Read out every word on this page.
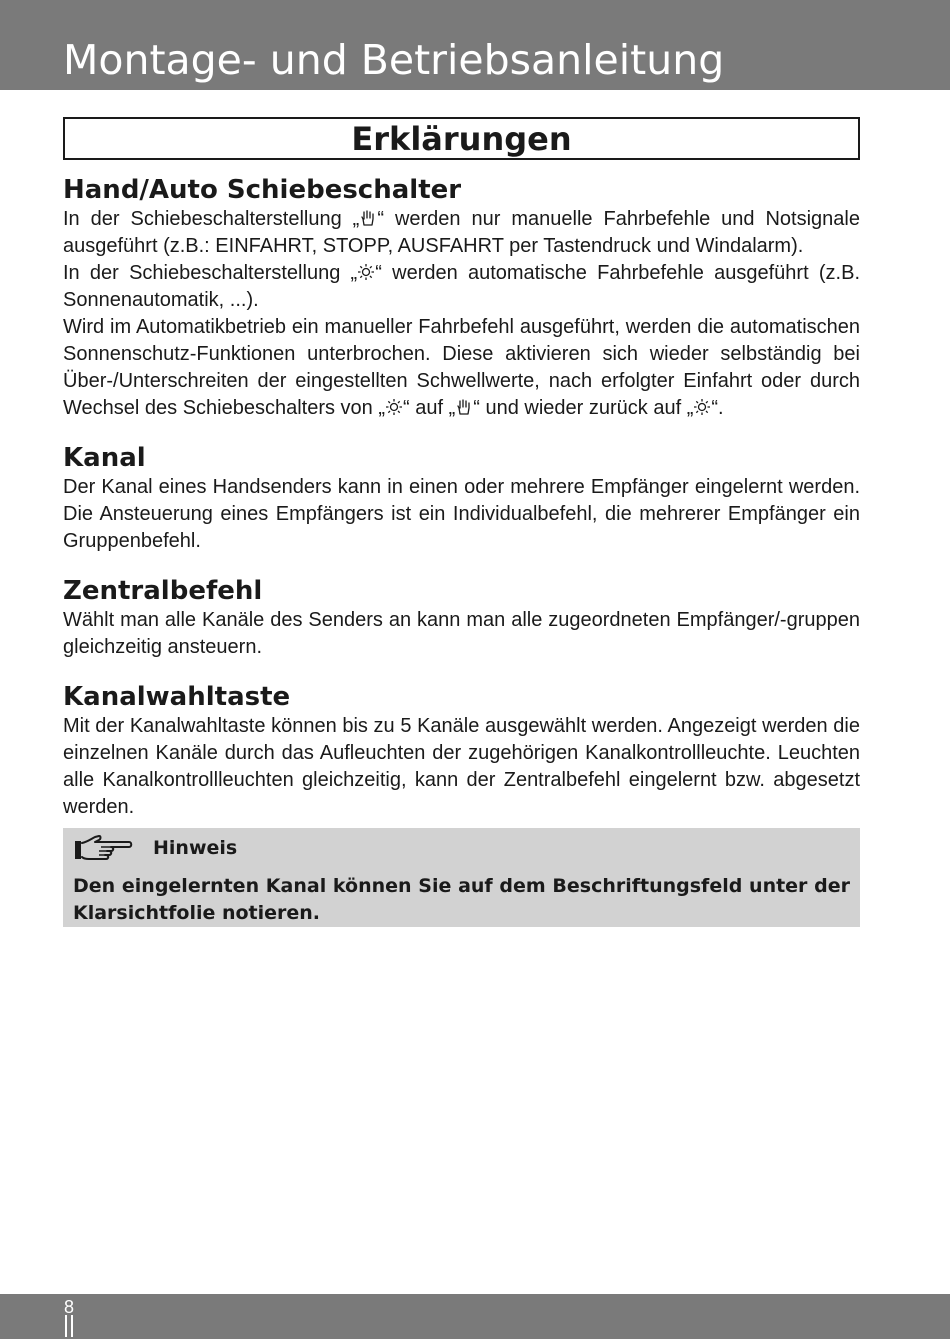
Montage- und Betriebsanleitung
Erklärungen
Hand/Auto Schiebeschalter

In der Schiebeschalterstellung „ “ werden nur manuelle Fahrbefehle und Notsignale ausgeführt (z.B.: EINFAHRT, STOPP, AUSFAHRT per Tastendruck und Windalarm).

In der Schiebeschalterstellung „ “ werden automatische Fahrbefehle ausgeführt (z.B. Sonnenautomatik, ...).

Wird im Automatikbetrieb ein manueller Fahrbefehl ausgeführt, werden die automatischen Sonnenschutz-Funktionen unterbrochen. Diese aktivieren sich wieder selbständig bei Über-/Unterschreiten der eingestellten Schwellwerte, nach erfolgter Einfahrt oder durch Wechsel des Schiebeschalters von „ “ auf „ “ und wieder zurück auf „ “.

Kanal

Der Kanal eines Handsenders kann in einen oder mehrere Empfänger eingelernt werden. Die Ansteuerung eines Empfängers ist ein Individualbefehl, die mehrerer Empfänger ein Gruppenbefehl.

Zentralbefehl

Wählt man alle Kanäle des Senders an kann man alle zugeordneten Empfänger/-gruppen gleichzeitig ansteuern.

Kanalwahltaste

Mit der Kanalwahltaste können bis zu 5 Kanäle ausgewählt werden. Angezeigt werden die einzelnen Kanäle durch das Aufleuchten der zugehörigen Kanalkontrollleuchte. Leuchten alle Kanalkontrollleuchten gleichzeitig, kann der Zentralbefehl eingelernt bzw. abgesetzt werden.

Hinweis
Den eingelernten Kanal können Sie auf dem Beschriftungsfeld unter der Klarsichtfolie notieren.
8
